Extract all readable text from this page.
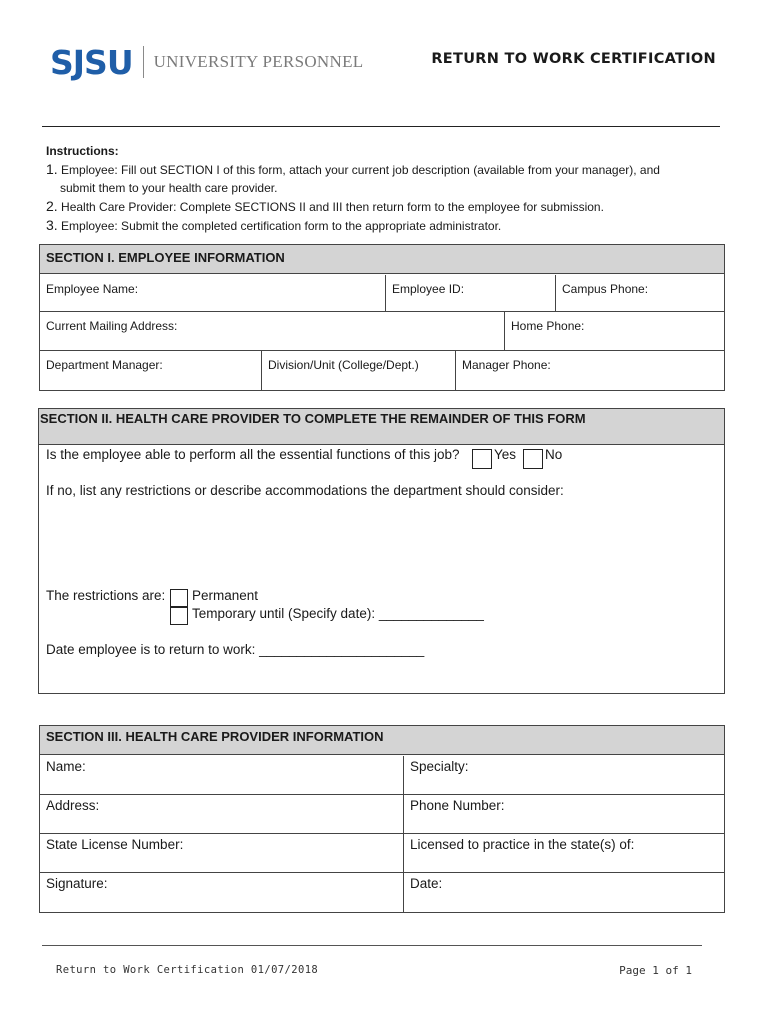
SJSU UNIVERSITY PERSONNEL	RETURN TO WORK CERTIFICATION
Instructions:
1. Employee: Fill out SECTION I of this form, attach your current job description (available from your manager), and submit them to your health care provider.
2. Health Care Provider: Complete SECTIONS II and III then return form to the employee for submission.
3. Employee: Submit the completed certification form to the appropriate administrator.
SECTION I. EMPLOYEE INFORMATION
Employee Name:	Employee ID:	Campus Phone:
Current Mailing Address:	Home Phone:
Department Manager:	Division/Unit (College/Dept.)	Manager Phone:
SECTION II. HEALTH CARE PROVIDER TO COMPLETE THE REMAINDER OF THIS FORM
Is the employee able to perform all the essential functions of this job?	Yes No
If no, list any restrictions or describe accommodations the department should consider:
The restrictions are: Permanent
Temporary until (Specify date): ______________
Date employee is to return to work: ______________________
SECTION III. HEALTH CARE PROVIDER INFORMATION
Name:	Specialty:
Address:	Phone Number:
State License Number:	Licensed to practice in the state(s) of:
Signature:	Date:
Return to Work Certification 01/07/2018	Page 1 of 1
